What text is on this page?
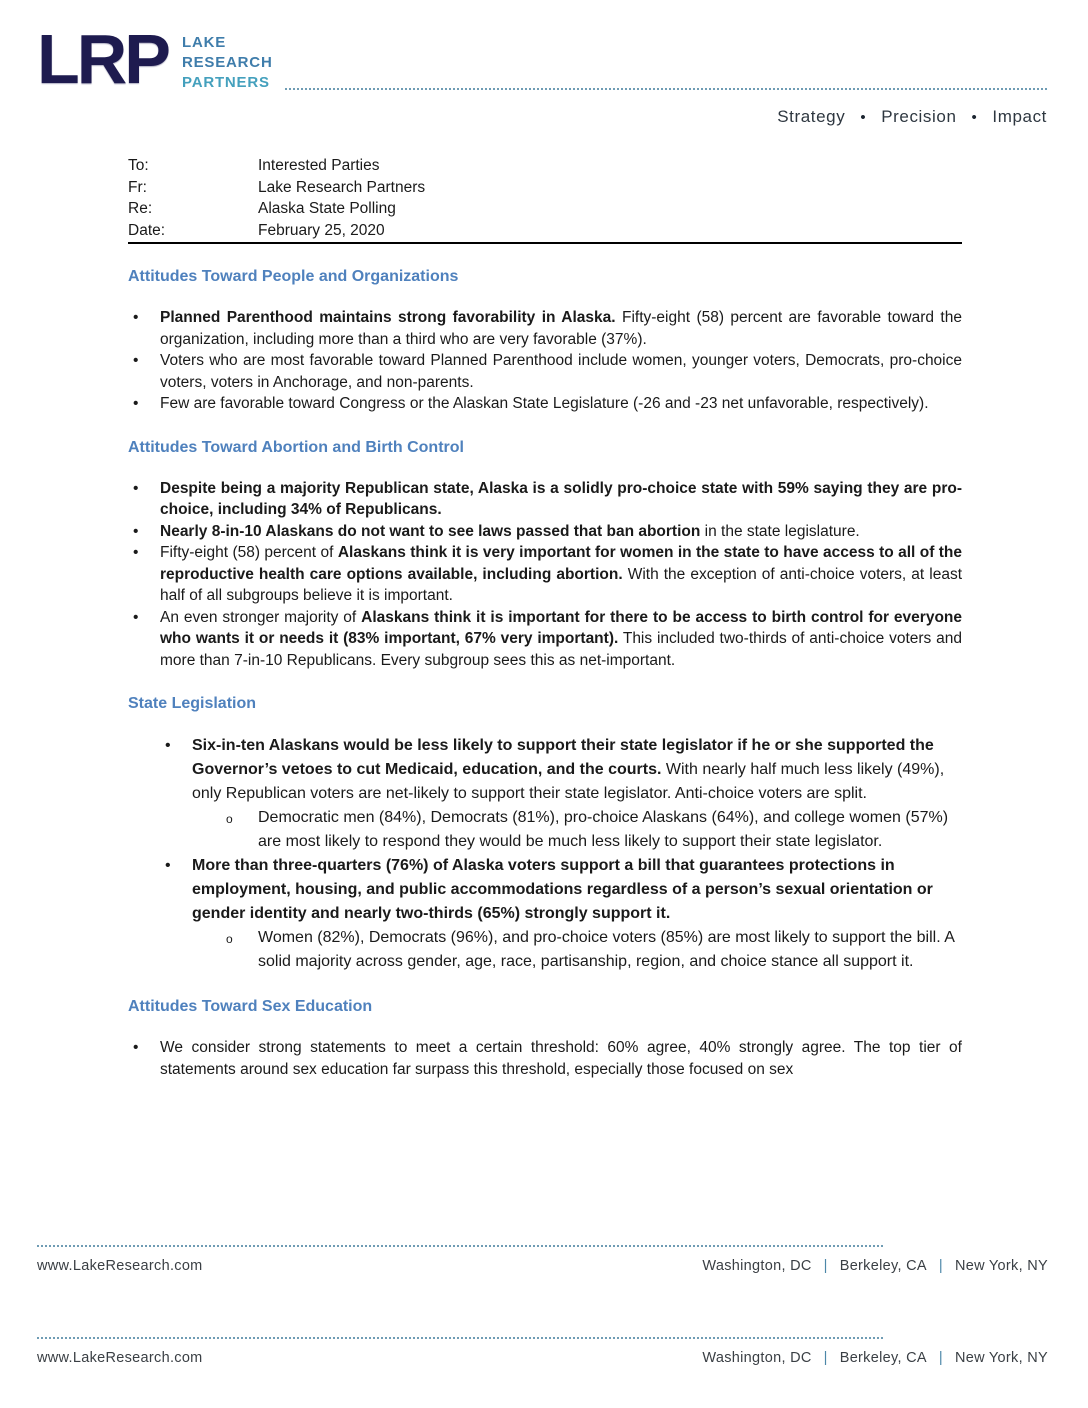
LRP LAKE
RESEARCH
PARTNERS
Strategy • Precision • Impact
To:	Interested Parties
Fr:	Lake Research Partners
Re:	Alaska State Polling
Date:	February 25, 2020
Attitudes Toward People and Organizations
• Planned Parenthood maintains strong favorability in Alaska. Fifty-eight (58) percent are favorable toward the organization, including more than a third who are very favorable (37%).
• Voters who are most favorable toward Planned Parenthood include women, younger voters, Democrats, pro-choice voters, voters in Anchorage, and non-parents.
• Few are favorable toward Congress or the Alaskan State Legislature (-26 and -23 net unfavorable, respectively).
Attitudes Toward Abortion and Birth Control
• Despite being a majority Republican state, Alaska is a solidly pro-choice state with 59% saying they are pro-choice, including 34% of Republicans.
• Nearly 8-in-10 Alaskans do not want to see laws passed that ban abortion in the state legislature.
• Fifty-eight (58) percent of Alaskans think it is very important for women in the state to have access to all of the reproductive health care options available, including abortion. With the exception of anti-choice voters, at least half of all subgroups believe it is important.
• An even stronger majority of Alaskans think it is important for there to be access to birth control for everyone who wants it or needs it (83% important, 67% very important). This included two-thirds of anti-choice voters and more than 7-in-10 Republicans. Every subgroup sees this as net-important.
State Legislation
• Six-in-ten Alaskans would be less likely to support their state legislator if he or she supported the Governor’s vetoes to cut Medicaid, education, and the courts. With nearly half much less likely (49%), only Republican voters are net-likely to support their state legislator. Anti-choice voters are split.
o Democratic men (84%), Democrats (81%), pro-choice Alaskans (64%), and college women (57%) are most likely to respond they would be much less likely to support their state legislator.
• More than three-quarters (76%) of Alaska voters support a bill that guarantees protections in employment, housing, and public accommodations regardless of a person’s sexual orientation or gender identity and nearly two-thirds (65%) strongly support it.
o Women (82%), Democrats (96%), and pro-choice voters (85%) are most likely to support the bill. A solid majority across gender, age, race, partisanship, region, and choice stance all support it.
Attitudes Toward Sex Education
• We consider strong statements to meet a certain threshold: 60% agree, 40% strongly agree. The top tier of statements around sex education far surpass this threshold, especially those focused on sex
www.LakeResearch.com	Washington, DC | Berkeley, CA | New York, NY
www.LakeResearch.com	Washington, DC | Berkeley, CA | New York, NY
